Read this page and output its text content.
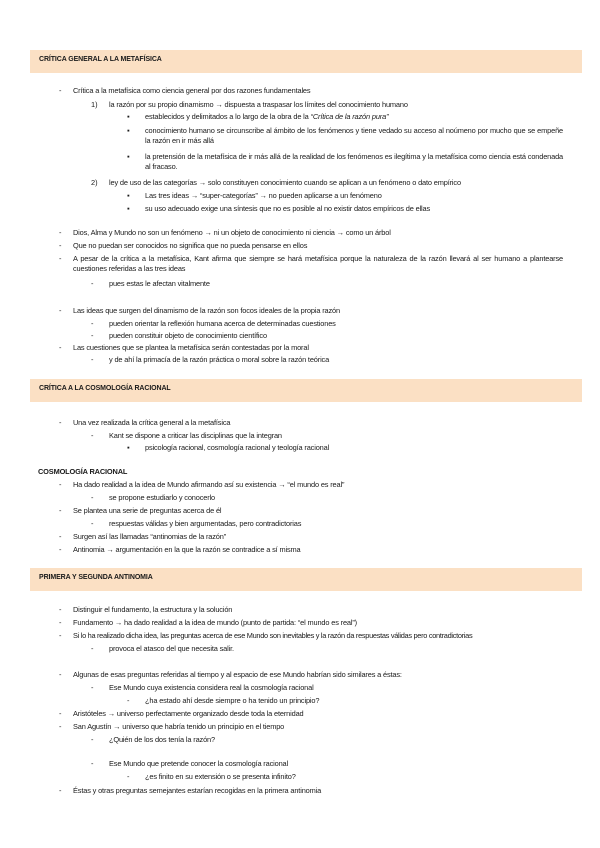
CRÍTICA GENERAL A LA METAFÍSICA
- Crítica a la metafísica como ciencia general por dos razones fundamentales
1) la razón por su propio dinamismo → dispuesta a traspasar los límites del conocimiento humano
▪ establecidos y delimitados a lo largo de la obra de la “Crítica de la razón pura”
▪ conocimiento humano se circunscribe al ámbito de los fenómenos y tiene vedado su acceso al noúmeno por mucho que se empeñe la razón en ir más allá
▪ la pretensión de la metafísica de ir más allá de la realidad de los fenómenos es ilegítima y la metafísica como ciencia está condenada al fracaso.
2) ley de uso de las categorías → solo constituyen conocimiento cuando se aplican a un fenómeno o dato empírico
▪ Las tres ideas → “super-categorías” → no pueden aplicarse a un fenómeno
▪ su uso adecuado exige una síntesis que no es posible al no existir datos empíricos de ellas
- Dios, Alma y Mundo no son un fenómeno → ni un objeto de conocimiento ni ciencia → como un árbol
- Que no puedan ser conocidos no significa que no pueda pensarse en ellos
- A pesar de la crítica a la metafísica, Kant afirma que siempre se hará metafísica porque la naturaleza de la razón llevará al ser humano a plantearse cuestiones referidas a las tres ideas
- pues estas le afectan vitalmente
- Las ideas que surgen del dinamismo de la razón son focos ideales de la propia razón
- pueden orientar la reflexión humana acerca de determinadas cuestiones
- pueden constituir objeto de conocimiento científico
- Las cuestiones que se plantea la metafísica serán contestadas por la moral
- y de ahí la primacía de la razón práctica o moral sobre la razón teórica
CRÍTICA A LA COSMOLOGÍA RACIONAL
- Una vez realizada la crítica general a la metafísica
- Kant se dispone a criticar las disciplinas que la integran
▪ psicología racional, cosmología racional y teología racional
COSMOLOGÍA RACIONAL
- Ha dado realidad a la idea de Mundo afirmando así su existencia → “el mundo es real”
- se propone estudiarlo y conocerlo
- Se plantea una serie de preguntas acerca de él
- respuestas válidas y bien argumentadas, pero contradictorias
- Surgen así las llamadas “antinomias de la razón”
- Antinomia → argumentación en la que la razón se contradice a sí misma
PRIMERA Y SEGUNDA ANTINOMIA
- Distinguir el fundamento, la estructura y la solución
- Fundamento → ha dado realidad a la idea de mundo (punto de partida: “el mundo es real”)
- Si lo ha realizado dicha idea, las preguntas acerca de ese Mundo son inevitables y la razón da respuestas válidas pero contradictorias
- provoca el atasco del que necesita salir.
- Algunas de esas preguntas referidas al tiempo y al espacio de ese Mundo habrían sido similares a éstas:
- Ese Mundo cuya existencia considera real la cosmología racional
- ¿ha estado ahí desde siempre o ha tenido un principio?
- Aristóteles → universo perfectamente organizado desde toda la eternidad
- San Agustín → universo que habría tenido un principio en el tiempo
- ¿Quién de los dos tenía la razón?
- Ese Mundo que pretende conocer la cosmología racional
- ¿es finito en su extensión o se presenta infinito?
- Éstas y otras preguntas semejantes estarían recogidas en la primera antinomia
